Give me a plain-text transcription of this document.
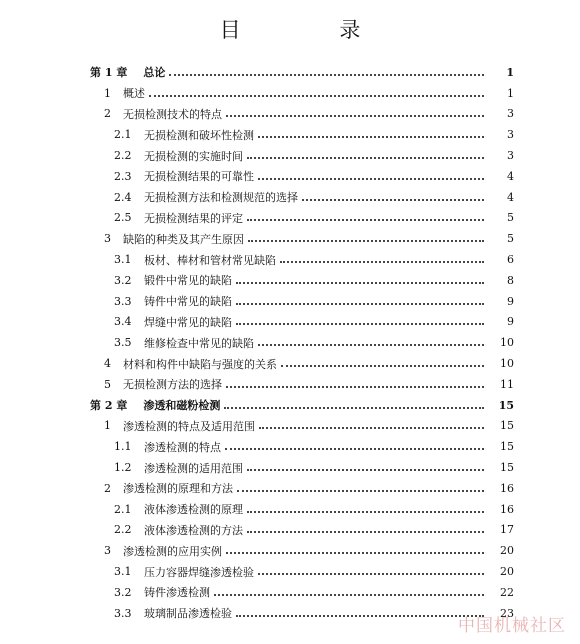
目 录
第 1 章 总论	1
1 概述	1
2 无损检测技术的特点	3
2.1	无损检测和破坏性检测	3
2.2	无损检测的实施时间	3
2.3	无损检测结果的可靠性	4
2.4	无损检测方法和检测规范的选择	4
2.5	无损检测结果的评定	5
3 缺陷的种类及其产生原因	5
3.1	板材、棒材和管材常见缺陷	6
3.2	锻件中常见的缺陷	8
3.3	铸件中常见的缺陷	9
3.4	焊缝中常见的缺陷	9
3.5	维修检查中常见的缺陷	10
4 材料和构件中缺陷与强度的关系	10
5 无损检测方法的选择	11
第 2 章 渗透和磁粉检测	15
1 渗透检测的特点及适用范围	15
1.1	渗透检测的特点	15
1.2	渗透检测的适用范围	15
2 渗透检测的原理和方法	16
2.1	液体渗透检测的原理	16
2.2	液体渗透检测的方法	17
3 渗透检测的应用实例	20
3.1	压力容器焊缝渗透检验	20
3.2	铸件渗透检测	22
3.3	玻璃制品渗透检验	23
中国机械社区
